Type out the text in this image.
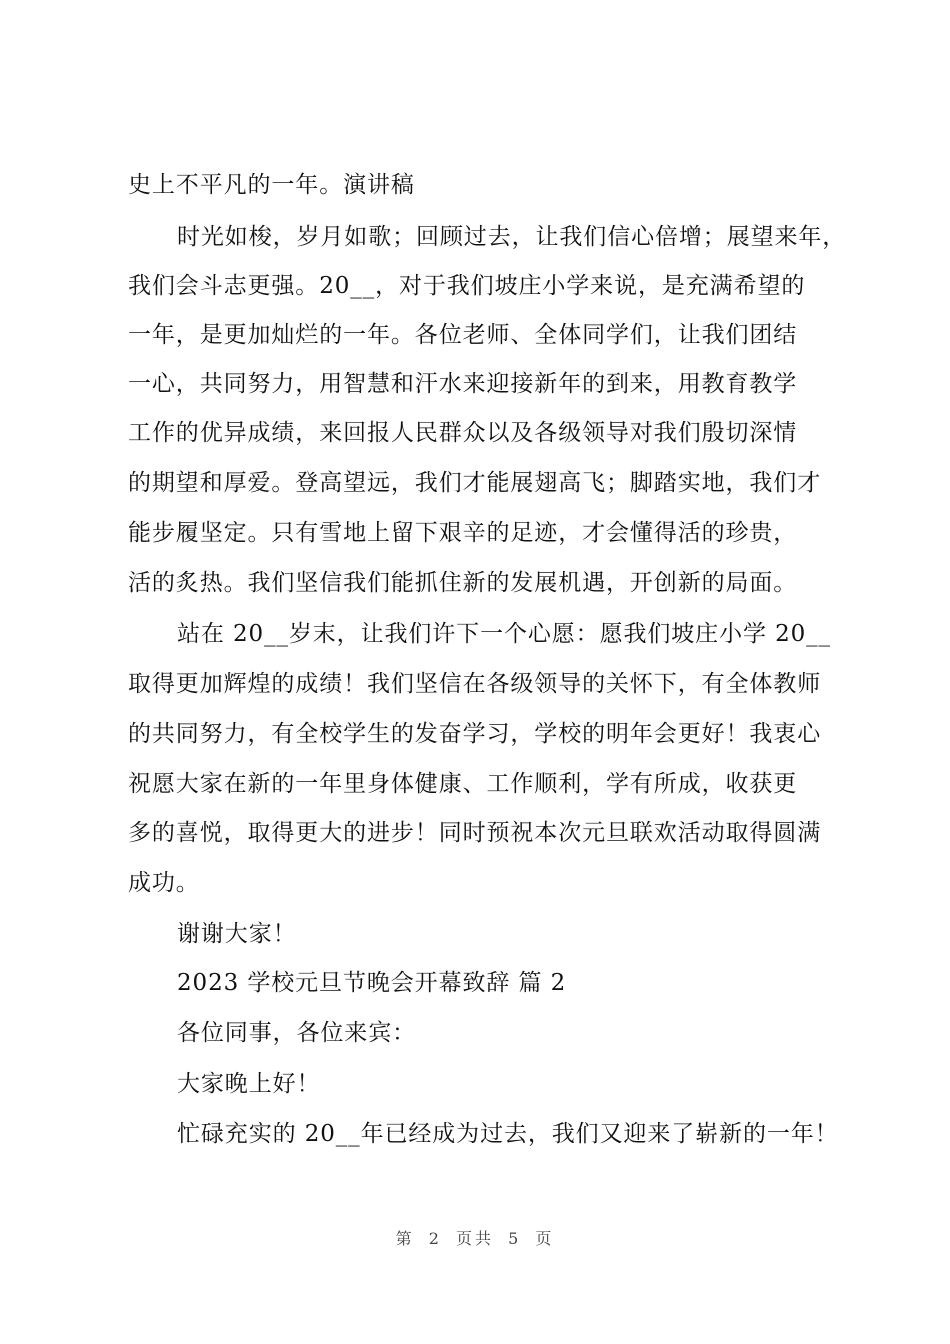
史上不平凡的一年。演讲稿
时光如梭，岁月如歌；回顾过去，让我们信心倍增；展望来年，
我们会斗志更强。20__，对于我们坡庄小学来说，是充满希望的
一年，是更加灿烂的一年。各位老师、全体同学们，让我们团结
一心，共同努力，用智慧和汗水来迎接新年的到来，用教育教学
工作的优异成绩，来回报人民群众以及各级领导对我们殷切深情
的期望和厚爱。登高望远，我们才能展翅高飞；脚踏实地，我们才
能步履坚定。只有雪地上留下艰辛的足迹，才会懂得活的珍贵，
活的炙热。我们坚信我们能抓住新的发展机遇，开创新的局面。
站在 20__岁末，让我们许下一个心愿：愿我们坡庄小学 20__
取得更加辉煌的成绩！我们坚信在各级领导的关怀下，有全体教师
的共同努力，有全校学生的发奋学习，学校的明年会更好！我衷心
祝愿大家在新的一年里身体健康、工作顺利，学有所成，收获更
多的喜悦，取得更大的进步！同时预祝本次元旦联欢活动取得圆满
成功。
谢谢大家！
2023 学校元旦节晚会开幕致辞 篇 2
各位同事，各位来宾：
大家晚上好！
忙碌充实的 20__年已经成为过去，我们又迎来了崭新的一年！
第 2 页共 5 页
